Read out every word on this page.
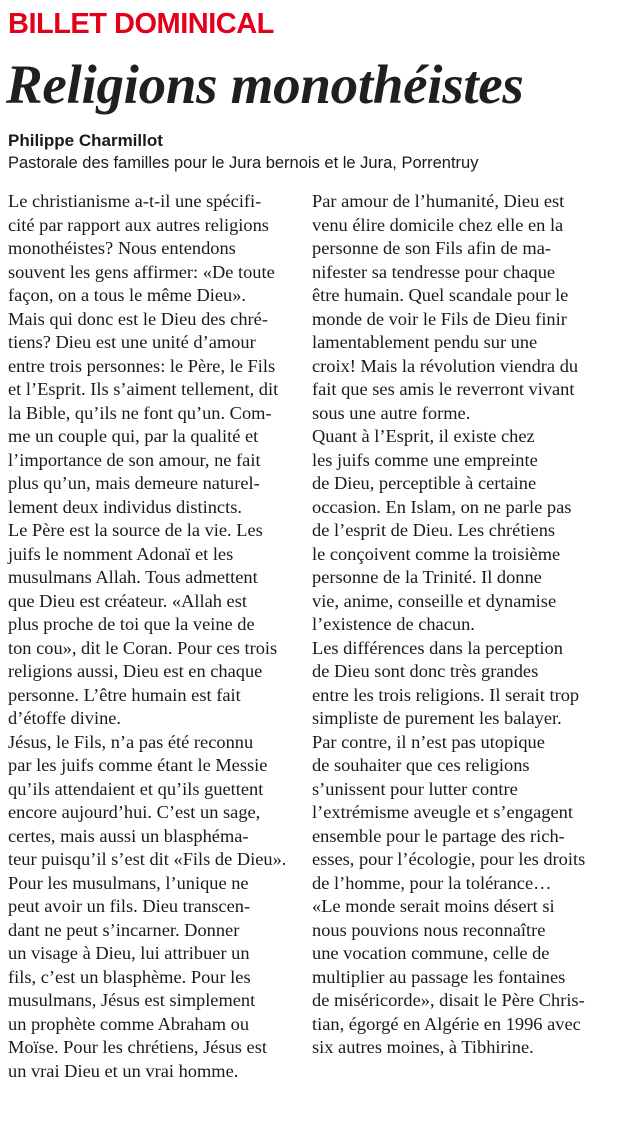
BILLET DOMINICAL
Religions monothéistes
Philippe Charmillot
Pastorale des familles pour le Jura bernois et le Jura, Porrentruy
Le christianisme a-t-il une spécifi-
cité par rapport aux autres religions
monothéistes? Nous entendons
souvent les gens affirmer: «De toute
façon, on a tous le même Dieu».
Mais qui donc est le Dieu des chré-
tiens? Dieu est une unité d’amour
entre trois personnes: le Père, le Fils
et l’Esprit. Ils s’aiment tellement, dit
la Bible, qu’ils ne font qu’un. Com-
me un couple qui, par la qualité et
l’importance de son amour, ne fait
plus qu’un, mais demeure naturel-
lement deux individus distincts.
Le Père est la source de la vie. Les
juifs le nomment Adonaï et les
musulmans Allah. Tous admettent
que Dieu est créateur. «Allah est
plus proche de toi que la veine de
ton cou», dit le Coran. Pour ces trois
religions aussi, Dieu est en chaque
personne. L’être humain est fait
d’étoffe divine.
Jésus, le Fils, n’a pas été reconnu
par les juifs comme étant le Messie
qu’ils attendaient et qu’ils guettent
encore aujourd’hui. C’est un sage,
certes, mais aussi un blasphéma-
teur puisqu’il s’est dit «Fils de Dieu».
Pour les musulmans, l’unique ne
peut avoir un fils. Dieu transcen-
dant ne peut s’incarner. Donner
un visage à Dieu, lui attribuer un
fils, c’est un blasphème. Pour les
musulmans, Jésus est simplement
un prophète comme Abraham ou
Moïse. Pour les chrétiens, Jésus est
un vrai Dieu et un vrai homme.
Par amour de l’humanité, Dieu est
venu élire domicile chez elle en la
personne de son Fils afin de ma-
nifester sa tendresse pour chaque
être humain. Quel scandale pour le
monde de voir le Fils de Dieu finir
lamentablement pendu sur une
croix! Mais la révolution viendra du
fait que ses amis le reverront vivant
sous une autre forme.
Quant à l’Esprit, il existe chez
les juifs comme une empreinte
de Dieu, perceptible à certaine
occasion. En Islam, on ne parle pas
de l’esprit de Dieu. Les chrétiens
le conçoivent comme la troisième
personne de la Trinité. Il donne
vie, anime, conseille et dynamise
l’existence de chacun.
Les différences dans la perception
de Dieu sont donc très grandes
entre les trois religions. Il serait trop
simpliste de purement les balayer.
Par contre, il n’est pas utopique
de souhaiter que ces religions
s’unissent pour lutter contre
l’extrémisme aveugle et s’engagent
ensemble pour le partage des rich-
esses, pour l’écologie, pour les droits
de l’homme, pour la tolérance…
«Le monde serait moins désert si
nous pouvions nous reconnaître
une vocation commune, celle de
multiplier au passage les fontaines
de miséricorde», disait le Père Chris-
tian, égorgé en Algérie en 1996 avec
six autres moines, à Tibhirine.
